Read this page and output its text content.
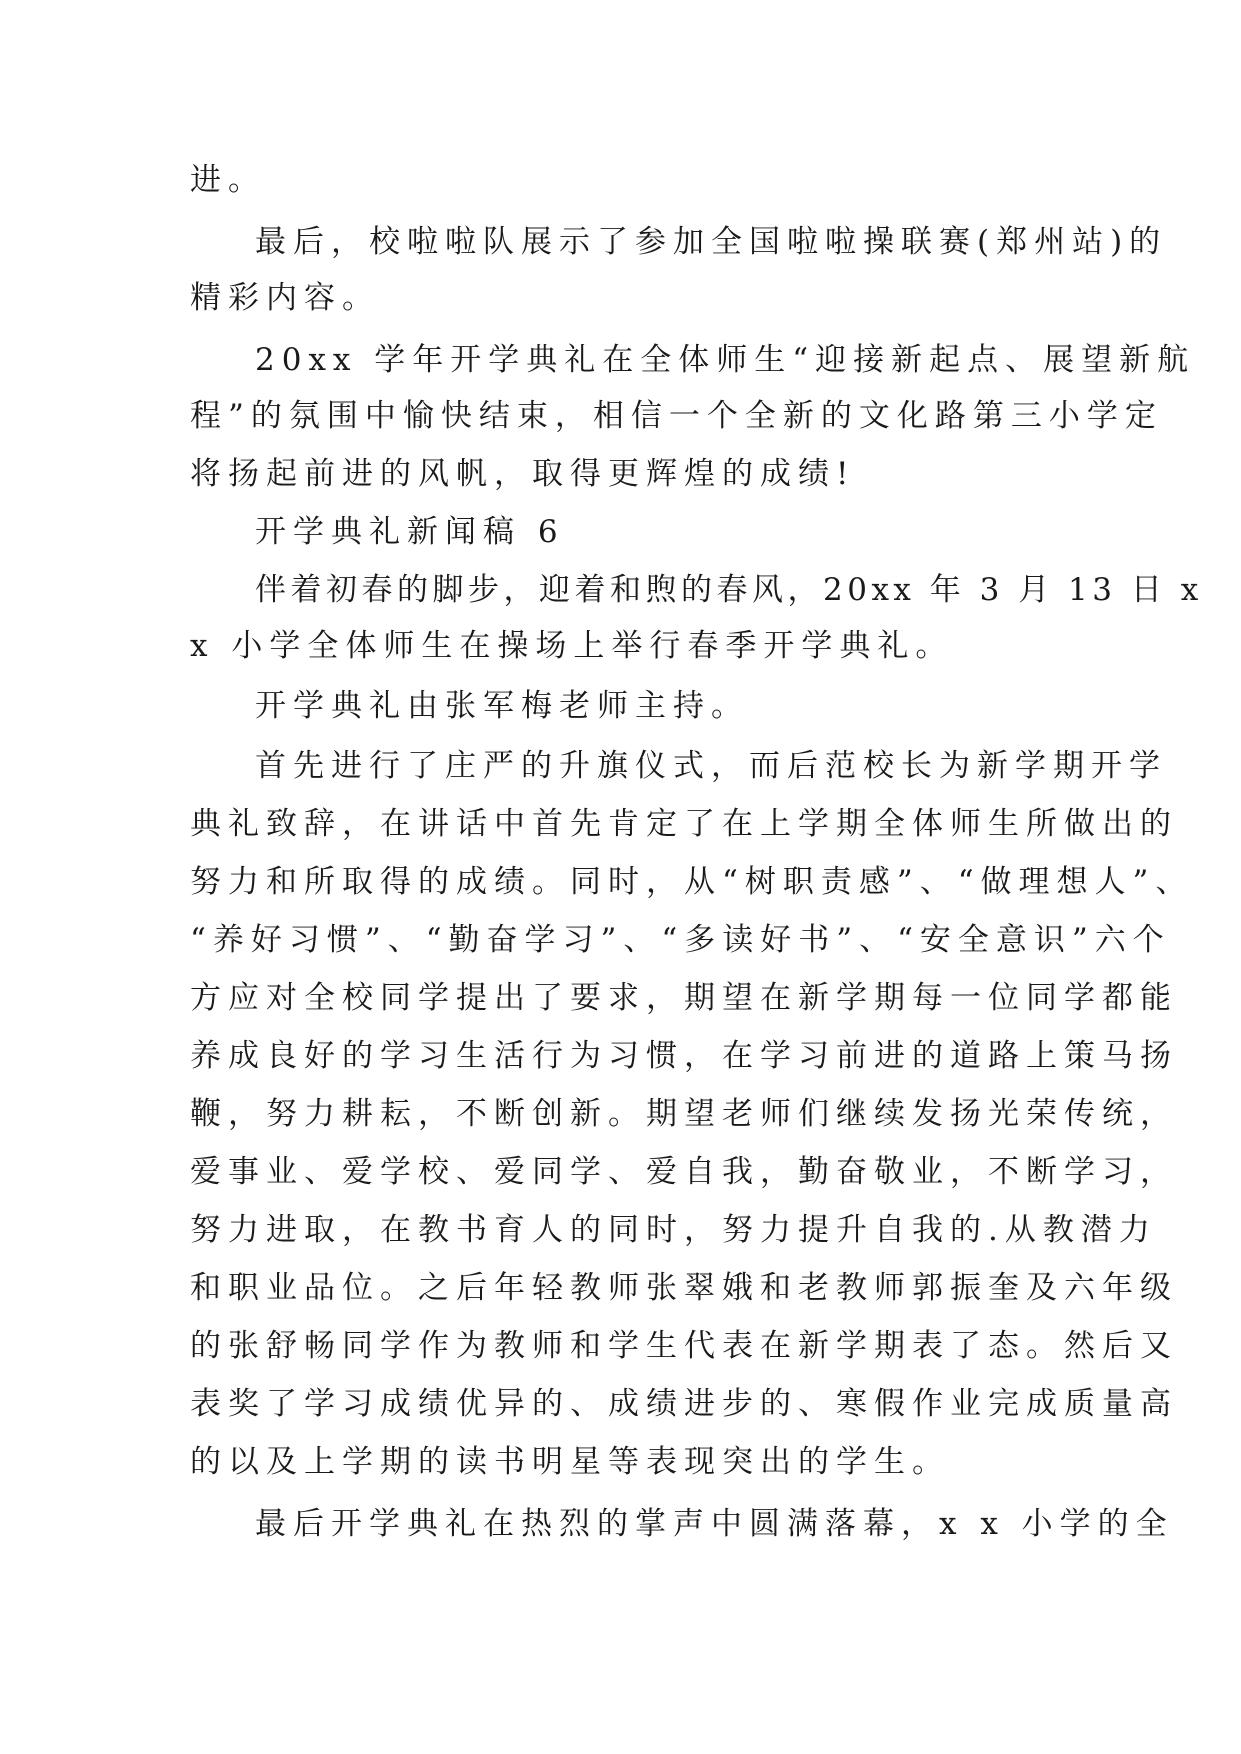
进。

最后，校啦啦队展示了参加全国啦啦操联赛(郑州站)的

精彩内容。

20xx 学年开学典礼在全体师生“迎接新起点、展望新航

程”的氛围中愉快结束，相信一个全新的文化路第三小学定

将扬起前进的风帆，取得更辉煌的成绩!

开学典礼新闻稿 6

伴着初春的脚步，迎着和煦的春风，20xx 年 3 月 13 日 x

x 小学全体师生在操场上举行春季开学典礼。

开学典礼由张军梅老师主持。

首先进行了庄严的升旗仪式，而后范校长为新学期开学

典礼致辞，在讲话中首先肯定了在上学期全体师生所做出的

努力和所取得的成绩。同时，从“树职责感”、“做理想人”、

“养好习惯”、“勤奋学习”、“多读好书”、“安全意识”六个

方应对全校同学提出了要求，期望在新学期每一位同学都能

养成良好的学习生活行为习惯，在学习前进的道路上策马扬

鞭，努力耕耘，不断创新。期望老师们继续发扬光荣传统，

爱事业、爱学校、爱同学、爱自我，勤奋敬业，不断学习，

努力进取，在教书育人的同时，努力提升自我的.从教潜力

和职业品位。之后年轻教师张翠娥和老教师郭振奎及六年级

的张舒畅同学作为教师和学生代表在新学期表了态。然后又

表奖了学习成绩优异的、成绩进步的、寒假作业完成质量高

的以及上学期的读书明星等表现突出的学生。

最后开学典礼在热烈的掌声中圆满落幕，x x 小学的全
